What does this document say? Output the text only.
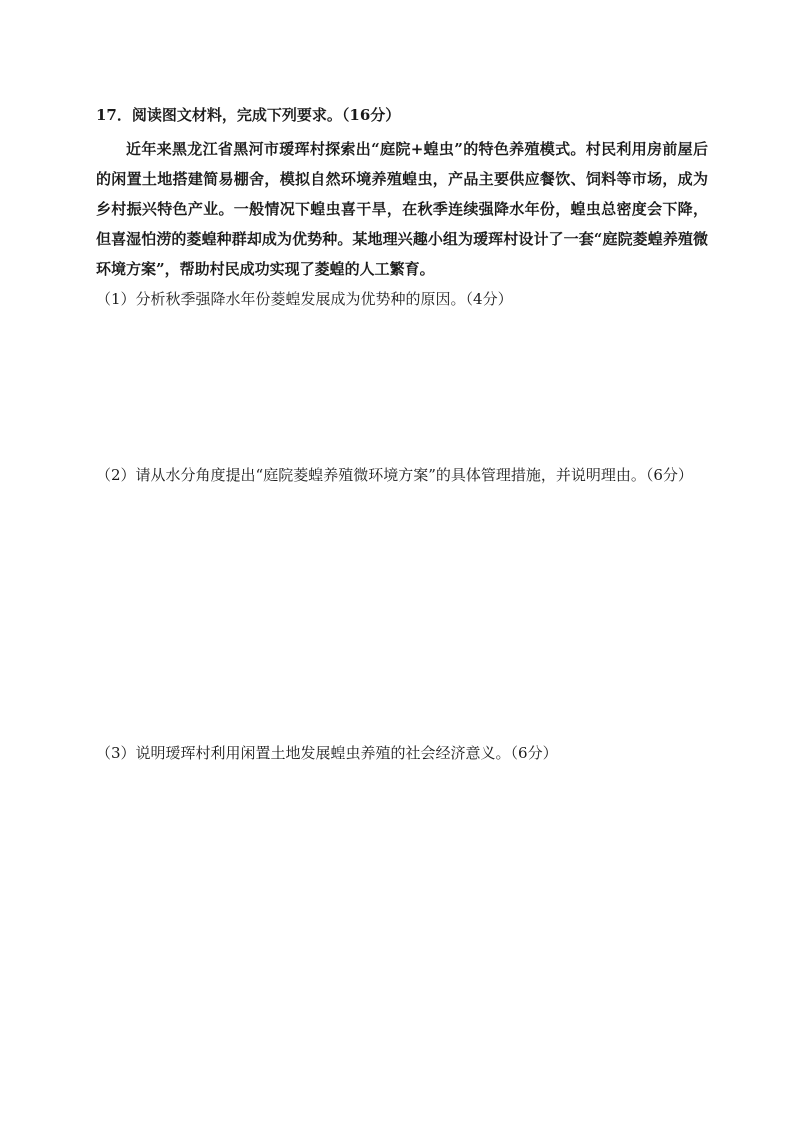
17．阅读图文材料，完成下列要求。（16分）
近年来黑龙江省黑河市瑷珲村探索出“庭院+蝗虫”的特色养殖模式。村民利用房前屋后的闲置土地搭建简易棚舍，模拟自然环境养殖蝗虫，产品主要供应餐饮、饲料等市场，成为乡村振兴特色产业。一般情况下蝗虫喜干旱，在秋季连续强降水年份，蝗虫总密度会下降，但喜湿怕涝的菱蝗种群却成为优势种。某地理兴趣小组为瑷珲村设计了一套“庭院菱蝗养殖微环境方案”，帮助村民成功实现了菱蝗的人工繁育。
（1）分析秋季强降水年份菱蝗发展成为优势种的原因。（4分）
（2）请从水分角度提出“庭院菱蝗养殖微环境方案”的具体管理措施，并说明理由。（6分）
（3）说明瑷珲村利用闲置土地发展蝗虫养殖的社会经济意义。（6分）
